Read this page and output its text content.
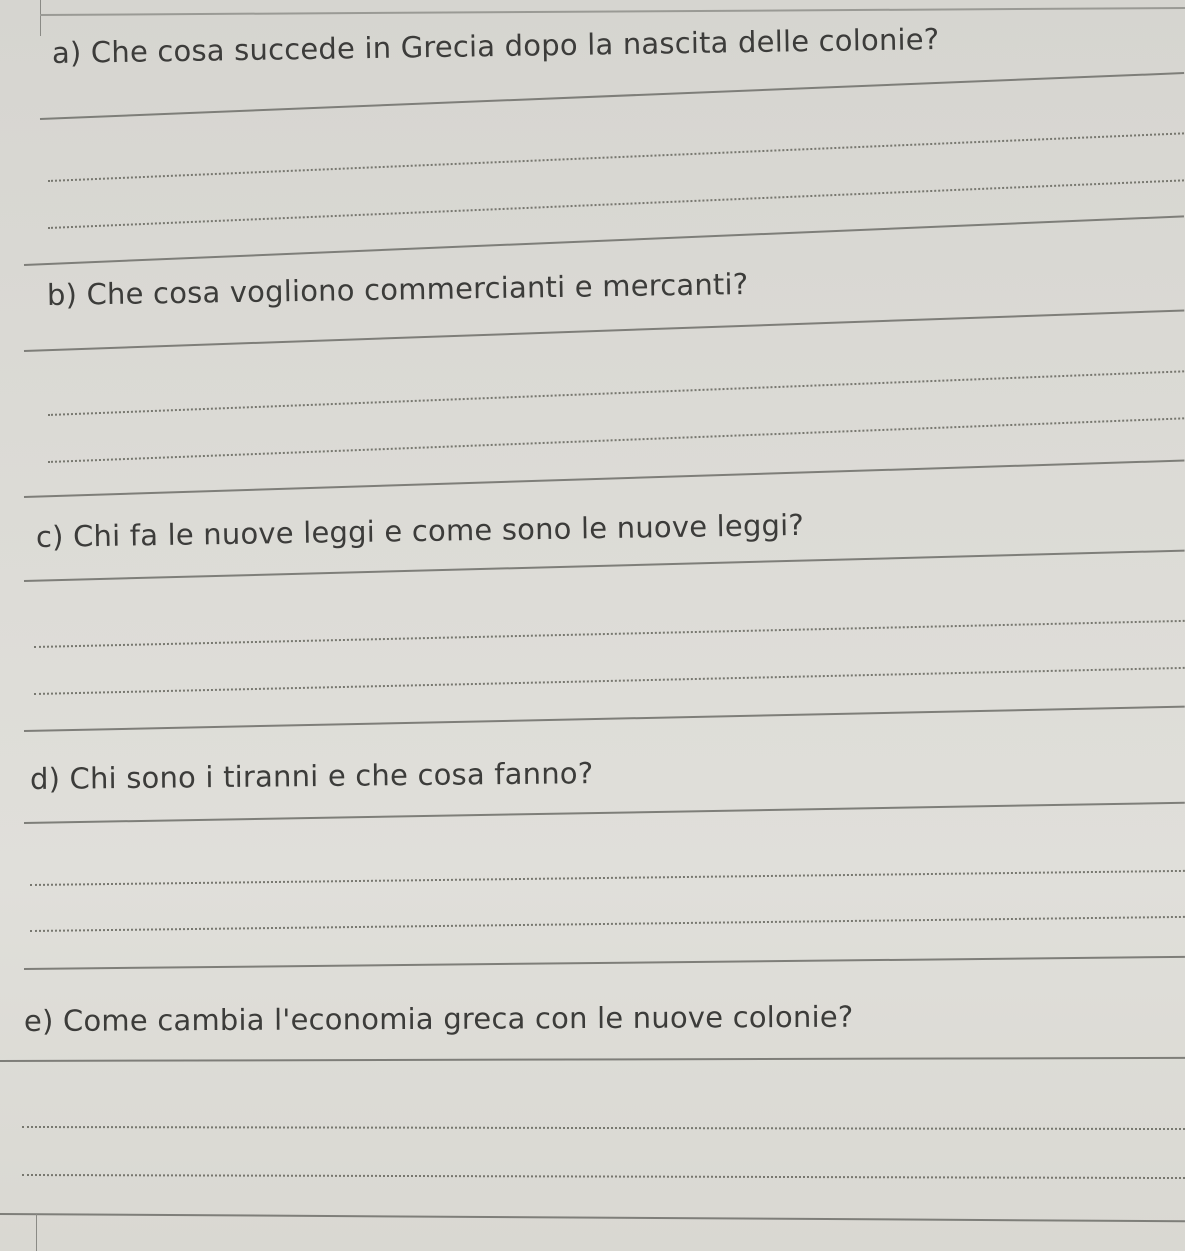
a) Che cosa succede in Grecia dopo la nascita delle colonie?
b) Che cosa vogliono commercianti e mercanti?
c) Chi fa le nuove leggi e come sono le nuove leggi?
d) Chi sono i tiranni e che cosa fanno?
e) Come cambia l'economia greca con le nuove colonie?
